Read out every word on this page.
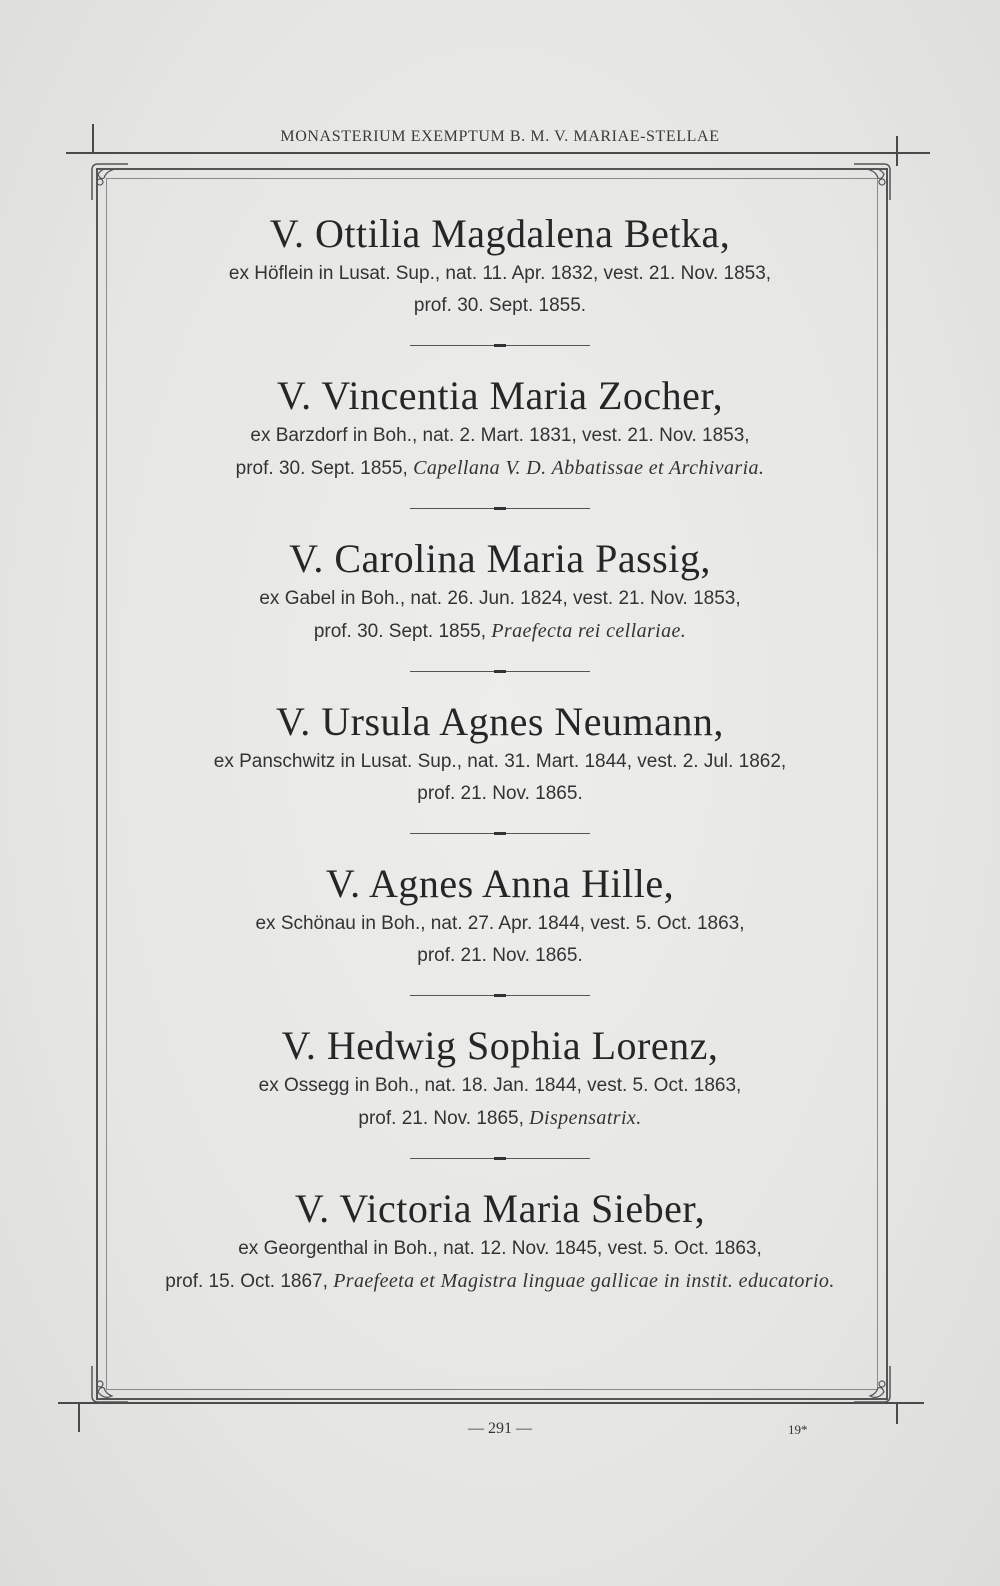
MONASTERIUM EXEMPTUM B. M. V. MARIAE-STELLAE
V. Ottilia Magdalena Betka,
ex Höflein in Lusat. Sup., nat. 11. Apr. 1832, vest. 21. Nov. 1853,
prof. 30. Sept. 1855.
V. Vincentia Maria Zocher,
ex Barzdorf in Boh., nat. 2. Mart. 1831, vest. 21. Nov. 1853,
prof. 30. Sept. 1855, Capellana V. D. Abbatissae et Archivaria.
V. Carolina Maria Passig,
ex Gabel in Boh., nat. 26. Jun. 1824, vest. 21. Nov. 1853,
prof. 30. Sept. 1855, Praefecta rei cellariae.
V. Ursula Agnes Neumann,
ex Panschwitz in Lusat. Sup., nat. 31. Mart. 1844, vest. 2. Jul. 1862,
prof. 21. Nov. 1865.
V. Agnes Anna Hille,
ex Schönau in Boh., nat. 27. Apr. 1844, vest. 5. Oct. 1863,
prof. 21. Nov. 1865.
V. Hedwig Sophia Lorenz,
ex Ossegg in Boh., nat. 18. Jan. 1844, vest. 5. Oct. 1863,
prof. 21. Nov. 1865, Dispensatrix.
V. Victoria Maria Sieber,
ex Georgenthal in Boh., nat. 12. Nov. 1845, vest. 5. Oct. 1863,
prof. 15. Oct. 1867, Praefeeta et Magistra linguae gallicae in instit. educatorio.
— 291 —	19*
